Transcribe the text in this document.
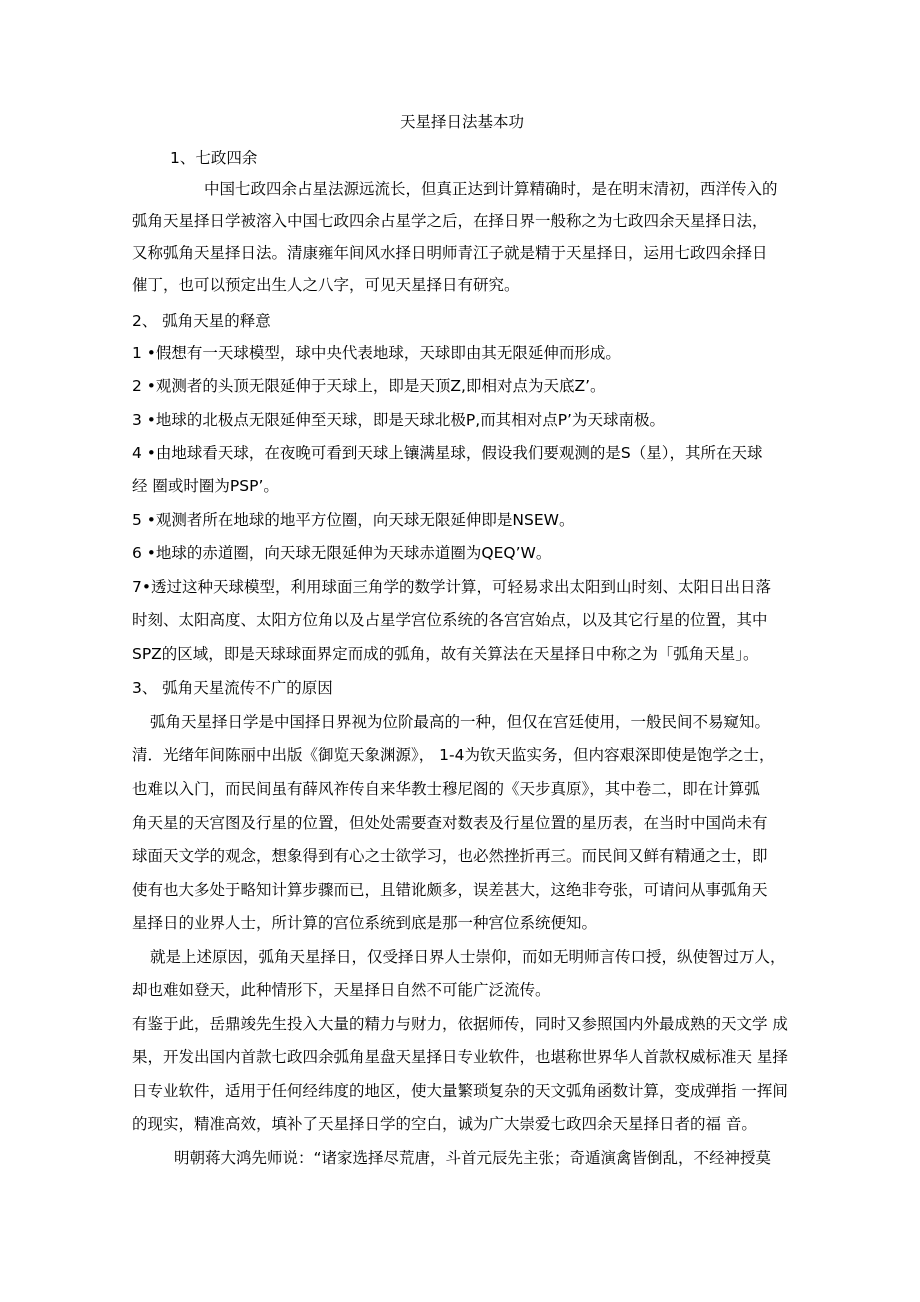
天星择日法基本功
1、七政四余
中国七政四余占星法源远流长，但真正达到计算精确时，是在明末清初，西洋传入的
弧角天星择日学被溶入中国七政四余占星学之后，在择日界一般称之为七政四余天星择日法，
又称弧角天星择日法。清康雍年间风水择日明师青江子就是精于天星择日，运用七政四余择日
催丁，也可以预定出生人之八字，可见天星择日有研究。
2、 弧角天星的释意
1 •假想有一天球模型，球中央代表地球，天球即由其无限延伸而形成。
2 •观测者的头顶无限延伸于天球上，即是天顶Z,即相对点为天底Z’。
3 •地球的北极点无限延伸至天球，即是天球北极P,而其相对点P’为天球南极。
4 •由地球看天球，在夜晚可看到天球上镶满星球，假设我们要观测的是S（星），其所在天球
经 圈或时圈为PSP’。
5 •观测者所在地球的地平方位圈，向天球无限延伸即是NSEW。
6 •地球的赤道圈，向天球无限延伸为天球赤道圈为QEQ’W。
7•透过这种天球模型，利用球面三角学的数学计算，可轻易求出太阳到山时刻、太阳日出日落
时刻、太阳高度、太阳方位角以及占星学宫位系统的各宫宫始点，以及其它行星的位置，其中
SPZ的区域，即是天球球面界定而成的弧角，故有关算法在天星择日中称之为「弧角天星」。
3、 弧角天星流传不广的原因
弧角天星择日学是中国择日界视为位阶最高的一种，但仅在宫廷使用，一般民间不易窥知。
清．光绪年间陈丽中出版《御览天象渊源》， 1-4为钦天监实务，但内容艰深即使是饱学之士，
也难以入门，而民间虽有薛风祚传自来华教士穆尼阁的《天步真原》，其中卷二，即在计算弧
角天星的天宫图及行星的位置，但处处需要查对数表及行星位置的星历表，在当时中国尚未有
球面天文学的观念，想象得到有心之士欲学习，也必然挫折再三。而民间又鲜有精通之士，即
使有也大多处于略知计算步骤而已，且错讹颇多，误差甚大，这绝非夸张，可请问从事弧角天
星择日的业界人士，所计算的宫位系统到底是那一种宫位系统便知。
就是上述原因，弧角天星择日，仅受择日界人士崇仰，而如无明师言传口授，纵使智过万人，
却也难如登天，此种情形下，天星择日自然不可能广泛流传。
有鉴于此，岳鼎竣先生投入大量的精力与财力，依据师传，同时又参照国内外最成熟的天文学 成
果，开发出国内首款七政四余弧角星盘天星择日专业软件，也堪称世界华人首款权威标准天 星择
日专业软件，适用于任何经纬度的地区，使大量繁琐复杂的天文弧角函数计算，变成弹指 一挥间
的现实，精准高效，填补了天星择日学的空白，诚为广大崇爱七政四余天星择日者的福 音。
明朝蒋大鸿先师说：“诸家选择尽荒唐，斗首元辰先主张；奇遁演禽皆倒乱，不经神授莫
